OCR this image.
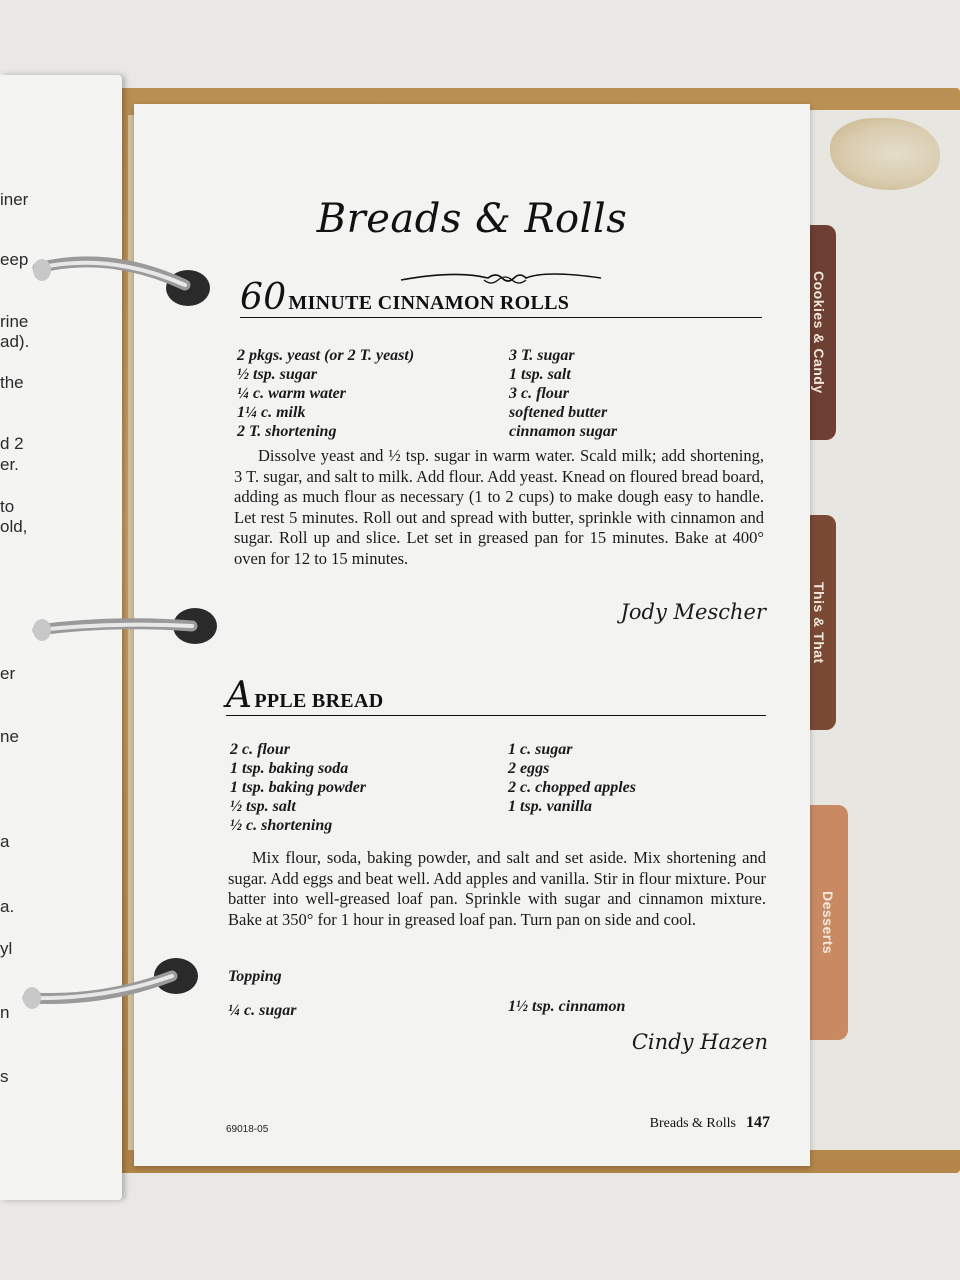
Cookies & Candy
This & That
Desserts
iner
eep
rine
ad).
the
d 2
er.
to
old,
er
ne
a
a.
yl
n
s
Breads & Rolls
60 MINUTE CINNAMON ROLLS
2 pkgs. yeast (or 2 T. yeast)
½ tsp. sugar
¼ c. warm water
1¼ c. milk
2 T. shortening
3 T. sugar
1 tsp. salt
3 c. flour
softened butter
cinnamon sugar
Dissolve yeast and ½ tsp. sugar in warm water. Scald milk; add shortening, 3 T. sugar, and salt to milk. Add flour. Add yeast. Knead on floured bread board, adding as much flour as necessary (1 to 2 cups) to make dough easy to handle. Let rest 5 minutes. Roll out and spread with butter, sprinkle with cinnamon and sugar. Roll up and slice. Let set in greased pan for 15 minutes. Bake at 400° oven for 12 to 15 minutes.
Jody Mescher
APPLE BREAD
2 c. flour
1 tsp. baking soda
1 tsp. baking powder
½ tsp. salt
½ c. shortening
1 c. sugar
2 eggs
2 c. chopped apples
1 tsp. vanilla
Mix flour, soda, baking powder, and salt and set aside. Mix shortening and sugar. Add eggs and beat well. Add apples and vanilla. Stir in flour mixture. Pour batter into well-greased loaf pan. Sprinkle with sugar and cinnamon mixture. Bake at 350° for 1 hour in greased loaf pan. Turn pan on side and cool.
Topping
¼ c. sugar	1½ tsp. cinnamon
Cindy Hazen
69018-05	Breads & Rolls 147
